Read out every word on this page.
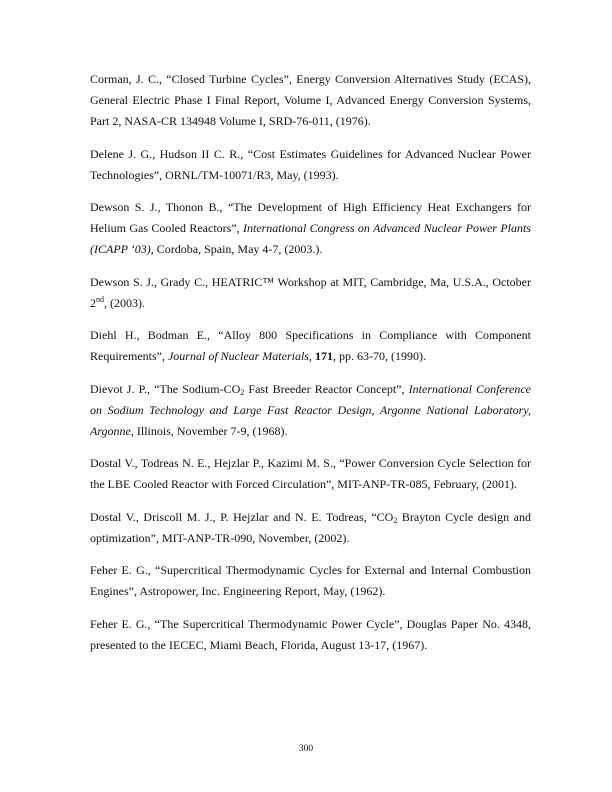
Corman, J. C., “Closed Turbine Cycles”, Energy Conversion Alternatives Study (ECAS), General Electric Phase I Final Report, Volume I, Advanced Energy Conversion Systems, Part 2, NASA-CR 134948 Volume I, SRD-76-011, (1976).

Delene J. G., Hudson II C. R., “Cost Estimates Guidelines for Advanced Nuclear Power Technologies”, ORNL/TM-10071/R3, May, (1993).

Dewson S. J., Thonon B., “The Development of High Efficiency Heat Exchangers for Helium Gas Cooled Reactors”, International Congress on Advanced Nuclear Power Plants (ICAPP ‘03), Cordoba, Spain, May 4-7, (2003.).

Dewson S. J., Grady C., HEATRIC™ Workshop at MIT, Cambridge, Ma, U.S.A., October 2nd, (2003).

Diehl H., Bodman E., “Alloy 800 Specifications in Compliance with Component Requirements”, Journal of Nuclear Materials, 171, pp. 63-70, (1990).

Dievot J. P., “The Sodium-$CO_2$ Fast Breeder Reactor Concept”, International Conference on Sodium Technology and Large Fast Reactor Design, Argonne National Laboratory, Argonne, Illinois, November 7-9, (1968).

Dostal V., Todreas N. E., Hejzlar P., Kazimi M. S., “Power Conversion Cycle Selection for the LBE Cooled Reactor with Forced Circulation”, MIT-ANP-TR-085, February, (2001).

Dostal V., Driscoll M. J., P. Hejzlar and N. E. Todreas, “$CO_2$ Brayton Cycle design and optimization”, MIT-ANP-TR-090, November, (2002).

Feher E. G., “Supercritical Thermodynamic Cycles for External and Internal Combustion Engines”, Astropower, Inc. Engineering Report, May, (1962).

Feher E. G., “The Supercritical Thermodynamic Power Cycle”, Douglas Paper No. 4348, presented to the IECEC, Miami Beach, Florida, August 13-17, (1967).

300
